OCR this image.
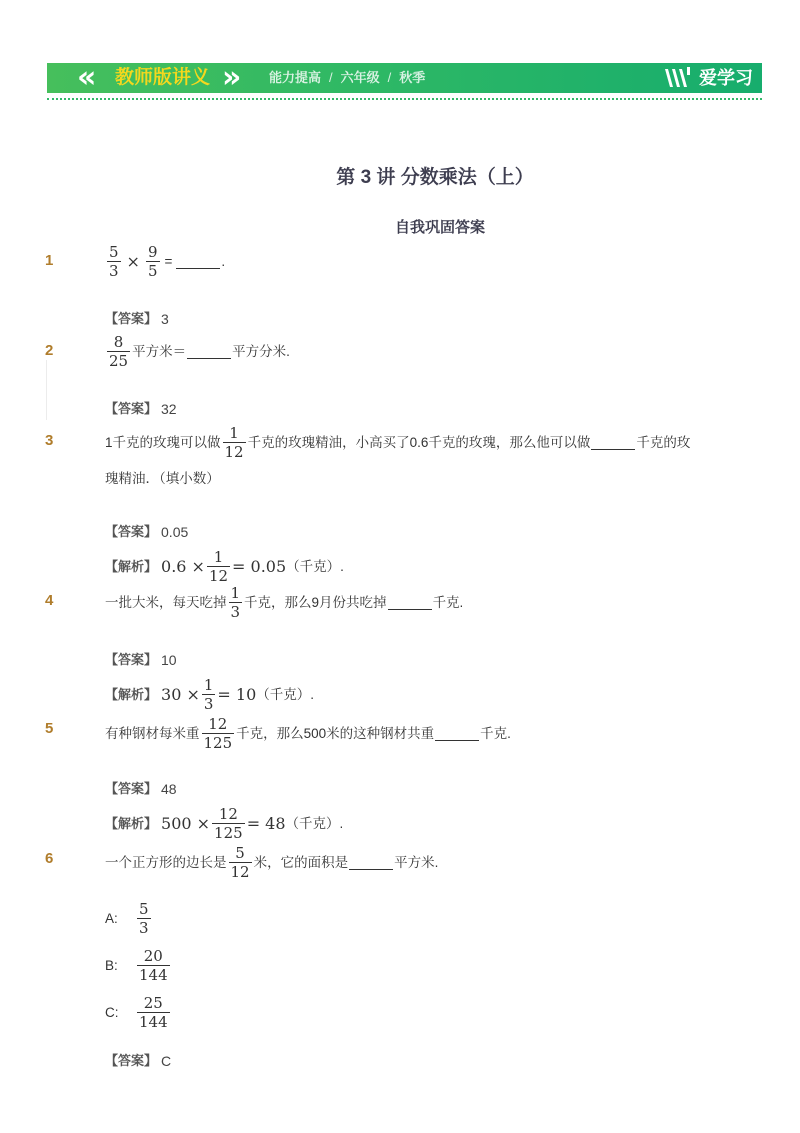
« 教师版讲义 »	能力提高 / 六年级 / 秋季	爱学习
第 3 讲 分数乘法（上）
自我巩固答案
1	$\frac{5}{3} \times \frac{9}{5}$ =	.
【答案】 3
2	$\frac{8}{25}$ 平方米＝	平方分米.
【答案】 32
3	1千克的玫瑰可以做 $\frac{1}{12}$ 千克的玫瑰精油，小高买了0.6千克的玫瑰，那么他可以做	千克的玫
瑰精油．（填小数）
【答案】 0.05
【解析】 $0.6 \times \frac{1}{12} = 0.05$ （千克）.
4	一批大米，每天吃掉 $\frac{1}{3}$ 千克，那么9月份共吃掉	千克.
【答案】 10
【解析】 $30 \times \frac{1}{3} = 10$ （千克）.
5	有种钢材每米重 $\frac{12}{125}$ 千克，那么500米的这种钢材共重	千克.
【答案】 48
【解析】 $500 \times \frac{12}{125} = 48$ （千克）.
6	一个正方形的边长是 $\frac{5}{12}$ 米，它的面积是	平方米.
A:	$\frac{5}{3}$
B:	$\frac{20}{144}$
C:	$\frac{25}{144}$
【答案】 C
